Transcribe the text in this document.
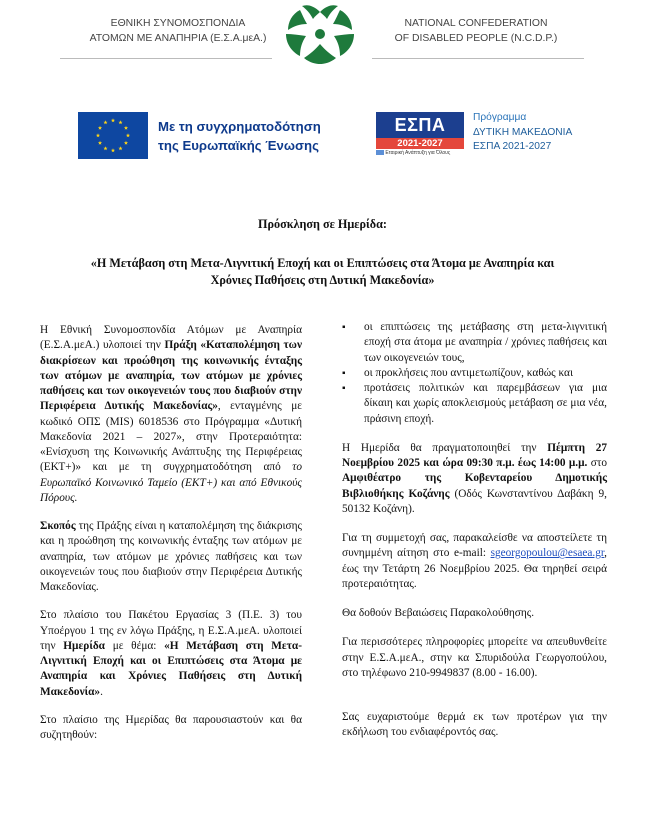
ΕΘΝΙΚΗ ΣΥΝΟΜΟΣΠΟΝΔΙΑ
ΑΤΟΜΩΝ ΜΕ ΑΝΑΠΗΡΙΑ (Ε.Σ.Α.μεΑ.)
NATIONAL CONFEDERATION
OF DISABLED PEOPLE (N.C.D.P.)
Με τη συγχρηματοδότηση
της Ευρωπαϊκής Ένωσης
ΕΣΠΑ
2021-2027
Εταιρική Ανάπτυξη για Όλους
Πρόγραμμα
ΔΥΤΙΚΗ ΜΑΚΕΔΟΝΙΑ
ΕΣΠΑ 2021-2027
Πρόσκληση σε Ημερίδα:
«Η Μετάβαση στη Μετα-Λιγνιτική Εποχή και οι Επιπτώσεις στα Άτομα με Αναπηρία και
Χρόνιες Παθήσεις στη Δυτική Μακεδονία»

Η Εθνική Συνομοσπονδία Ατόμων με Αναπηρία (Ε.Σ.Α.μεΑ.) υλοποιεί την Πράξη «Καταπολέμηση των διακρίσεων και προώθηση της κοινωνικής ένταξης των ατόμων με αναπηρία, των ατόμων με χρόνιες παθήσεις και των οικογενειών τους που διαβιούν στην Περιφέρεια Δυτικής Μακεδονίας», ενταγμένης με κωδικό ΟΠΣ (MIS) 6018536 στο Πρόγραμμα «Δυτική Μακεδονία 2021 – 2027», στην Προτεραιότητα: «Ενίσχυση της Κοινωνικής Ανάπτυξης της Περιφέρειας (ΕΚΤ+)» και με τη συγχρηματοδότηση από το Ευρωπαϊκό Κοινωνικό Ταμείο (ΕΚΤ+) και από Εθνικούς Πόρους.

Σκοπός της Πράξης είναι η καταπολέμηση της διάκρισης και η προώθηση της κοινωνικής ένταξης των ατόμων με αναπηρία, των ατόμων με χρόνιες παθήσεις και των οικογενειών τους που διαβιούν στην Περιφέρεια Δυτικής Μακεδονίας.

Στο πλαίσιο του Πακέτου Εργασίας 3 (Π.Ε. 3) του Υποέργου 1 της εν λόγω Πράξης, η Ε.Σ.Α.μεΑ. υλοποιεί την Ημερίδα με θέμα: «Η Μετάβαση στη Μετα-Λιγνιτική Εποχή και οι Επιπτώσεις στα Άτομα με Αναπηρία και Χρόνιες Παθήσεις στη Δυτική Μακεδονία».

Στο πλαίσιο της Ημερίδας θα παρουσιαστούν και θα συζητηθούν:

▪ οι επιπτώσεις της μετάβασης στη μετα-λιγνιτική εποχή στα άτομα με αναπηρία / χρόνιες παθήσεις και των οικογενειών τους,

▪ οι προκλήσεις που αντιμετωπίζουν, καθώς και

▪ προτάσεις πολιτικών και παρεμβάσεων για μια δίκαιη και χωρίς αποκλεισμούς μετάβαση σε μια νέα, πράσινη εποχή.

Η Ημερίδα θα πραγματοποιηθεί την Πέμπτη 27 Νοεμβρίου 2025 και ώρα 09:30 π.μ. έως 14:00 μ.μ. στο Αμφιθέατρο της Κοβενταρείου Δημοτικής Βιβλιοθήκης Κοζάνης (Οδός Κωνσταντίνου Δαβάκη 9, 50132 Κοζάνη).

Για τη συμμετοχή σας, παρακαλείσθε να αποστείλετε τη συνημμένη αίτηση στο e-mail: sgeorgopoulou@esaea.gr, έως την Τετάρτη 26 Νοεμβρίου 2025. Θα τηρηθεί σειρά προτεραιότητας.

Θα δοθούν Βεβαιώσεις Παρακολούθησης.

Για περισσότερες πληροφορίες μπορείτε να απευθυνθείτε στην Ε.Σ.Α.μεΑ., στην κα Σπυριδούλα Γεωργοπούλου, στο τηλέφωνο 210-9949837 (8.00 - 16.00).

Σας ευχαριστούμε θερμά εκ των προτέρων για την εκδήλωση του ενδιαφέροντός σας.
